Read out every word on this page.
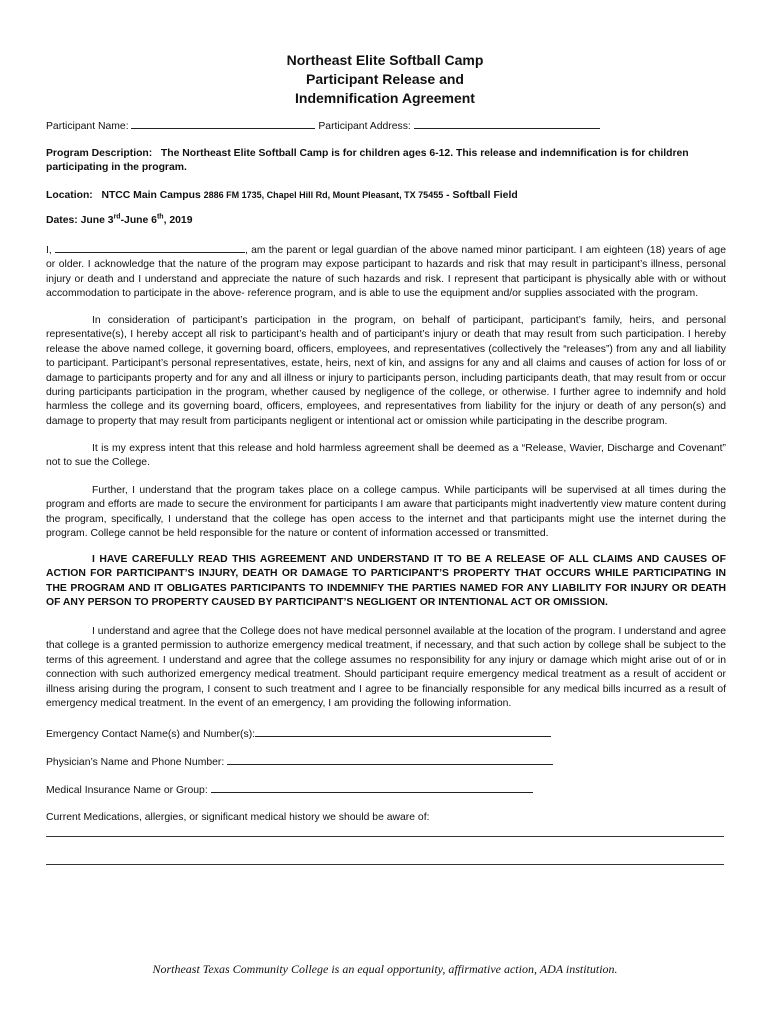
Northeast Elite Softball Camp
Participant Release and
Indemnification Agreement
Participant Name:	Participant Address:
Program Description: The Northeast Elite Softball Camp is for children ages 6-12. This release and indemnification is for children participating in the program.
Location: NTCC Main Campus 2886 FM 1735, Chapel Hill Rd, Mount Pleasant, TX 75455 - Softball Field
Dates: June 3rd-June 6th, 2019

I,	, am the parent or legal guardian of the above named minor participant. I am eighteen (18) years of age or older. I acknowledge that the nature of the program may expose participant to hazards and risk that may result in participant’s illness, personal injury or death and I understand and appreciate the nature of such hazards and risk. I represent that participant is physically able with or without accommodation to participate in the above- reference program, and is able to use the equipment and/or supplies associated with the program.

In consideration of participant’s participation in the program, on behalf of participant, participant’s family, heirs, and personal representative(s), I hereby accept all risk to participant’s health and of participant’s injury or death that may result from such participation. I hereby release the above named college, it governing board, officers, employees, and representatives (collectively the “releases”) from any and all liability to participant. Participant’s personal representatives, estate, heirs, next of kin, and assigns for any and all claims and causes of action for loss of or damage to participants property and for any and all illness or injury to participants person, including participants death, that may result from or occur during participants participation in the program, whether caused by negligence of the college, or otherwise. I further agree to indemnify and hold harmless the college and its governing board, officers, employees, and representatives from liability for the injury or death of any person(s) and damage to property that may result from participants negligent or intentional act or omission while participating in the describe program.

It is my express intent that this release and hold harmless agreement shall be deemed as a “Release, Wavier, Discharge and Covenant” not to sue the College.

Further, I understand that the program takes place on a college campus. While participants will be supervised at all times during the program and efforts are made to secure the environment for participants I am aware that participants might inadvertently view mature content during the program, specifically, I understand that the college has open access to the internet and that participants might use the internet during the program. College cannot be held responsible for the nature or content of information accessed or transmitted.

I HAVE CAREFULLY READ THIS AGREEMENT AND UNDERSTAND IT TO BE A RELEASE OF ALL CLAIMS AND CAUSES OF ACTION FOR PARTICIPANT’S INJURY, DEATH OR DAMAGE TO PARTICIPANT’S PROPERTY THAT OCCURS WHILE PARTICIPATING IN THE PROGRAM AND IT OBLIGATES PARTICIPANTS TO INDEMNIFY THE PARTIES NAMED FOR ANY LIABILITY FOR INJURY OR DEATH OF ANY PERSON TO PROPERTY CAUSED BY PARTICIPANT’S NEGLIGENT OR INTENTIONAL ACT OR OMISSION.

I understand and agree that the College does not have medical personnel available at the location of the program. I understand and agree that college is a granted permission to authorize emergency medical treatment, if necessary, and that such action by college shall be subject to the terms of this agreement. I understand and agree that the college assumes no responsibility for any injury or damage which might arise out of or in connection with such authorized emergency medical treatment. Should participant require emergency medical treatment as a result of accident or illness arising during the program, I consent to such treatment and I agree to be financially responsible for any medical bills incurred as a result of emergency medical treatment. In the event of an emergency, I am providing the following information.

Emergency Contact Name(s) and Number(s):
Physician’s Name and Phone Number:
Medical Insurance Name or Group:
Current Medications, allergies, or significant medical history we should be aware of:
Northeast Texas Community College is an equal opportunity, affirmative action, ADA institution.
